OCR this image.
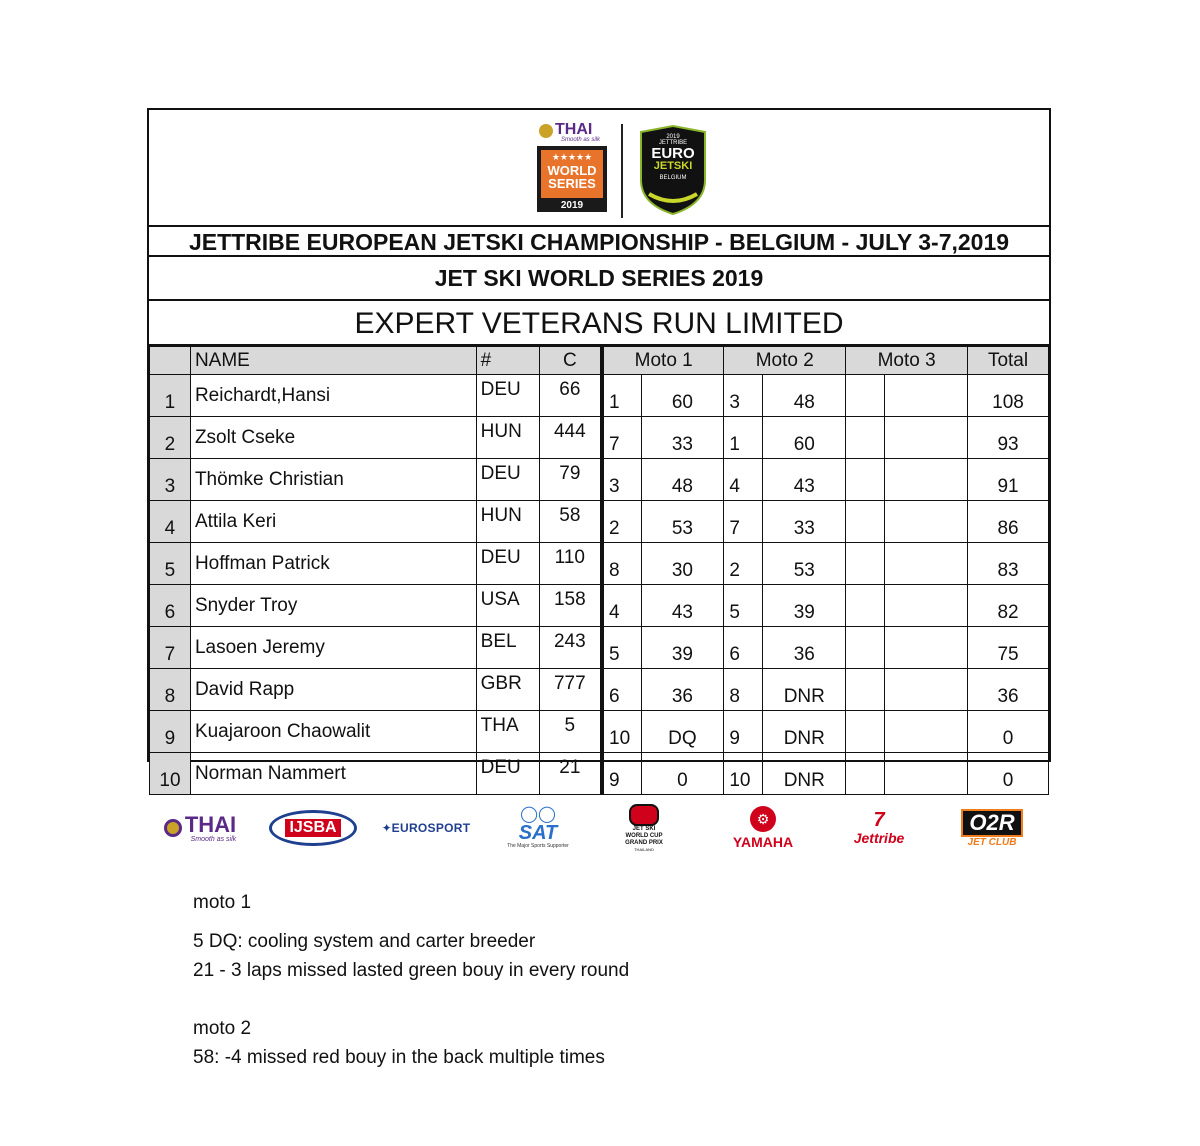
THAI
Smooth as silk
★★★★★
WORLD
SERIES
2019
2019
JETTRIBE
EURO
JETSKI
BELGIUM
JETTRIBE EUROPEAN JETSKI CHAMPIONSHIP - BELGIUM - JULY 3-7,2019
JET SKI WORLD SERIES 2019
EXPERT VETERANS RUN LIMITED
	NAME	#	C	Moto 1		Moto 2		Moto 3		Total
1	Reichardt,Hansi	DEU	66	1	60	3	48			108
2	Zsolt Cseke	HUN	444	7	33	1	60			93
3	Thömke Christian	DEU	79	3	48	4	43			91
4	Attila Keri	HUN	58	2	53	7	33			86
5	Hoffman Patrick	DEU	110	8	30	2	53			83
6	Snyder Troy	USA	158	4	43	5	39			82
7	Lasoen Jeremy	BEL	243	5	39	6	36			75
8	David Rapp	GBR	777	6	36	8	DNR			36
9	Kuajaroon Chaowalit	THA	5	10	DQ	9	DNR			0
10	Norman Nammert	DEU	21	9	0	10	DNR			0
THAI
Smooth as silk
IJSBA	✦ EUROSPORT
◯◯
SAT
The Major Sports Supporter
JET SKI
WORLD CUP
GRAND PRIX
THAILAND
⚙
YAMAHA
7
Jettribe
O2R
JET CLUB
moto 1
5 DQ: cooling system and carter breeder
21 - 3 laps missed lasted green bouy in every round
moto 2
58: -4 missed red bouy in the back multiple times
